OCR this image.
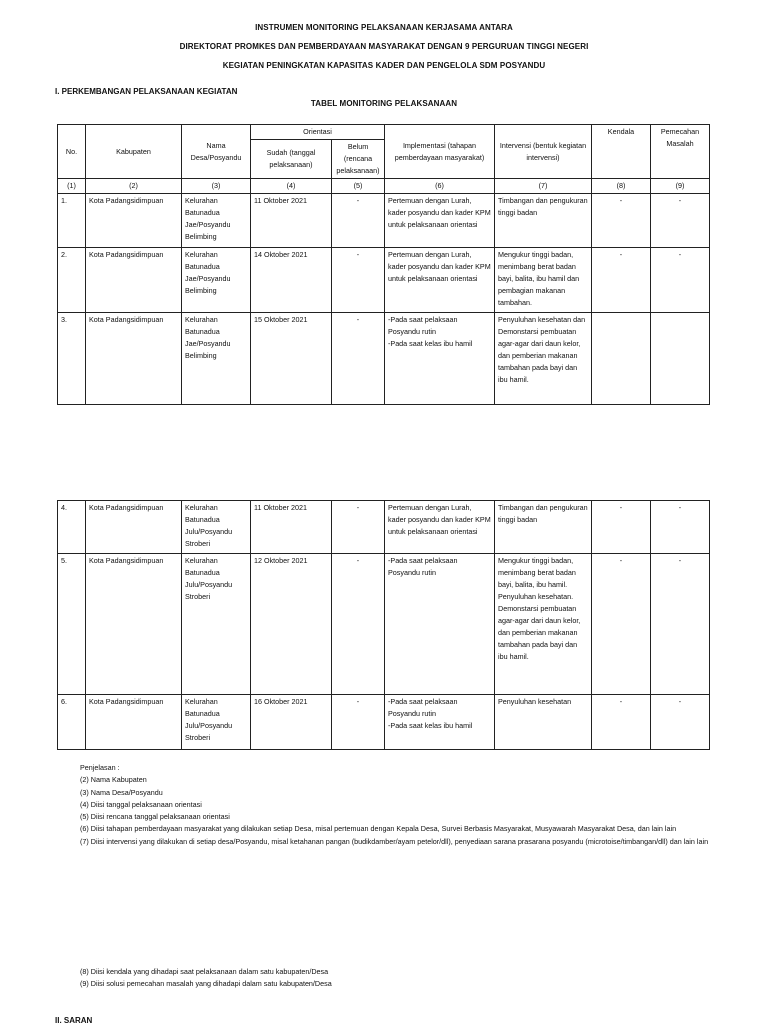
INSTRUMEN MONITORING PELAKSANAAN KERJASAMA ANTARA
DIREKTORAT PROMKES DAN PEMBERDAYAAN MASYARAKAT DENGAN 9 PERGURUAN TINGGI NEGERI
KEGIATAN PENINGKATAN KAPASITAS KADER DAN PENGELOLA SDM POSYANDU
I. PERKEMBANGAN PELAKSANAAN KEGIATAN
TABEL MONITORING PELAKSANAAN
No.	Kabupaten	Nama Desa/Posyandu	Orientasi		Implementasi (tahapan pemberdayaan masyarakat)	Intervensi (bentuk kegiatan intervensi)	Kendala	Pemecahan Masalah
			Sudah (tanggal pelaksanaan)	Belum (rencana pelaksanaan)				
(1)	(2)	(3)	(4)	(5)	(6)	(7)	(8)	(9)
1.	Kota Padangsidimpuan	Kelurahan Batunadua Jae/Posyandu Belimbing	11 Oktober 2021	-	Pertemuan dengan Lurah, kader posyandu dan kader KPM untuk pelaksanaan orientasi	Timbangan dan pengukuran tinggi badan	-	-
2.	Kota Padangsidimpuan	Kelurahan Batunadua Jae/Posyandu Belimbing	14 Oktober 2021	-	Pertemuan dengan Lurah, kader posyandu dan kader KPM untuk pelaksanaan orientasi	Mengukur tinggi badan, menimbang berat badan bayi, balita, ibu hamil dan pembagian makanan tambahan.	-	-
3.	Kota Padangsidimpuan	Kelurahan Batunadua Jae/Posyandu Belimbing	15 Oktober 2021	-	-Pada saat pelaksaan Posyandu rutin
-Pada saat kelas ibu hamil	Penyuluhan kesehatan dan Demonstarsi pembuatan agar-agar dari daun kelor, dan pemberian makanan tambahan pada bayi dan ibu hamil.		
4.	Kota Padangsidimpuan	Kelurahan Batunadua Julu/Posyandu Stroberi	11 Oktober 2021	-	Pertemuan dengan Lurah, kader posyandu dan kader KPM untuk pelaksanaan orientasi	Timbangan dan pengukuran tinggi badan	-	-
5.	Kota Padangsidimpuan	Kelurahan Batunadua Julu/Posyandu Stroberi	12 Oktober 2021	-	-Pada saat pelaksaan Posyandu rutin	Mengukur tinggi badan, menimbang berat badan bayi, balita, ibu hamil. Penyuluhan kesehatan. Demonstarsi pembuatan agar-agar dari daun kelor, dan pemberian makanan tambahan pada bayi dan ibu hamil.	-	-
6.	Kota Padangsidimpuan	Kelurahan Batunadua Julu/Posyandu Stroberi	16 Oktober 2021	-	-Pada saat pelaksaan Posyandu rutin
-Pada saat kelas ibu hamil	Penyuluhan kesehatan	-	-
Penjelasan :
(2) Nama Kabupaten
(3) Nama Desa/Posyandu
(4) Diisi tanggal pelaksanaan orientasi
(5) Diisi rencana tanggal pelaksanaan orientasi
(6) Diisi tahapan pemberdayaan masyarakat yang dilakukan setiap Desa, misal pertemuan dengan Kepala Desa, Survei Berbasis Masyarakat, Musyawarah Masyarakat Desa, dan lain lain
(7) Diisi intervensi yang dilakukan di setiap desa/Posyandu, misal ketahanan pangan (budikdamber/ayam petelor/dll), penyediaan sarana prasarana posyandu (microtoise/timbangan/dll) dan lain lain
(8) Diisi kendala yang dihadapi saat pelaksanaan dalam satu kabupaten/Desa
(9) Diisi solusi pemecahan masalah yang dihadapi dalam satu kabupaten/Desa
II. SARAN
